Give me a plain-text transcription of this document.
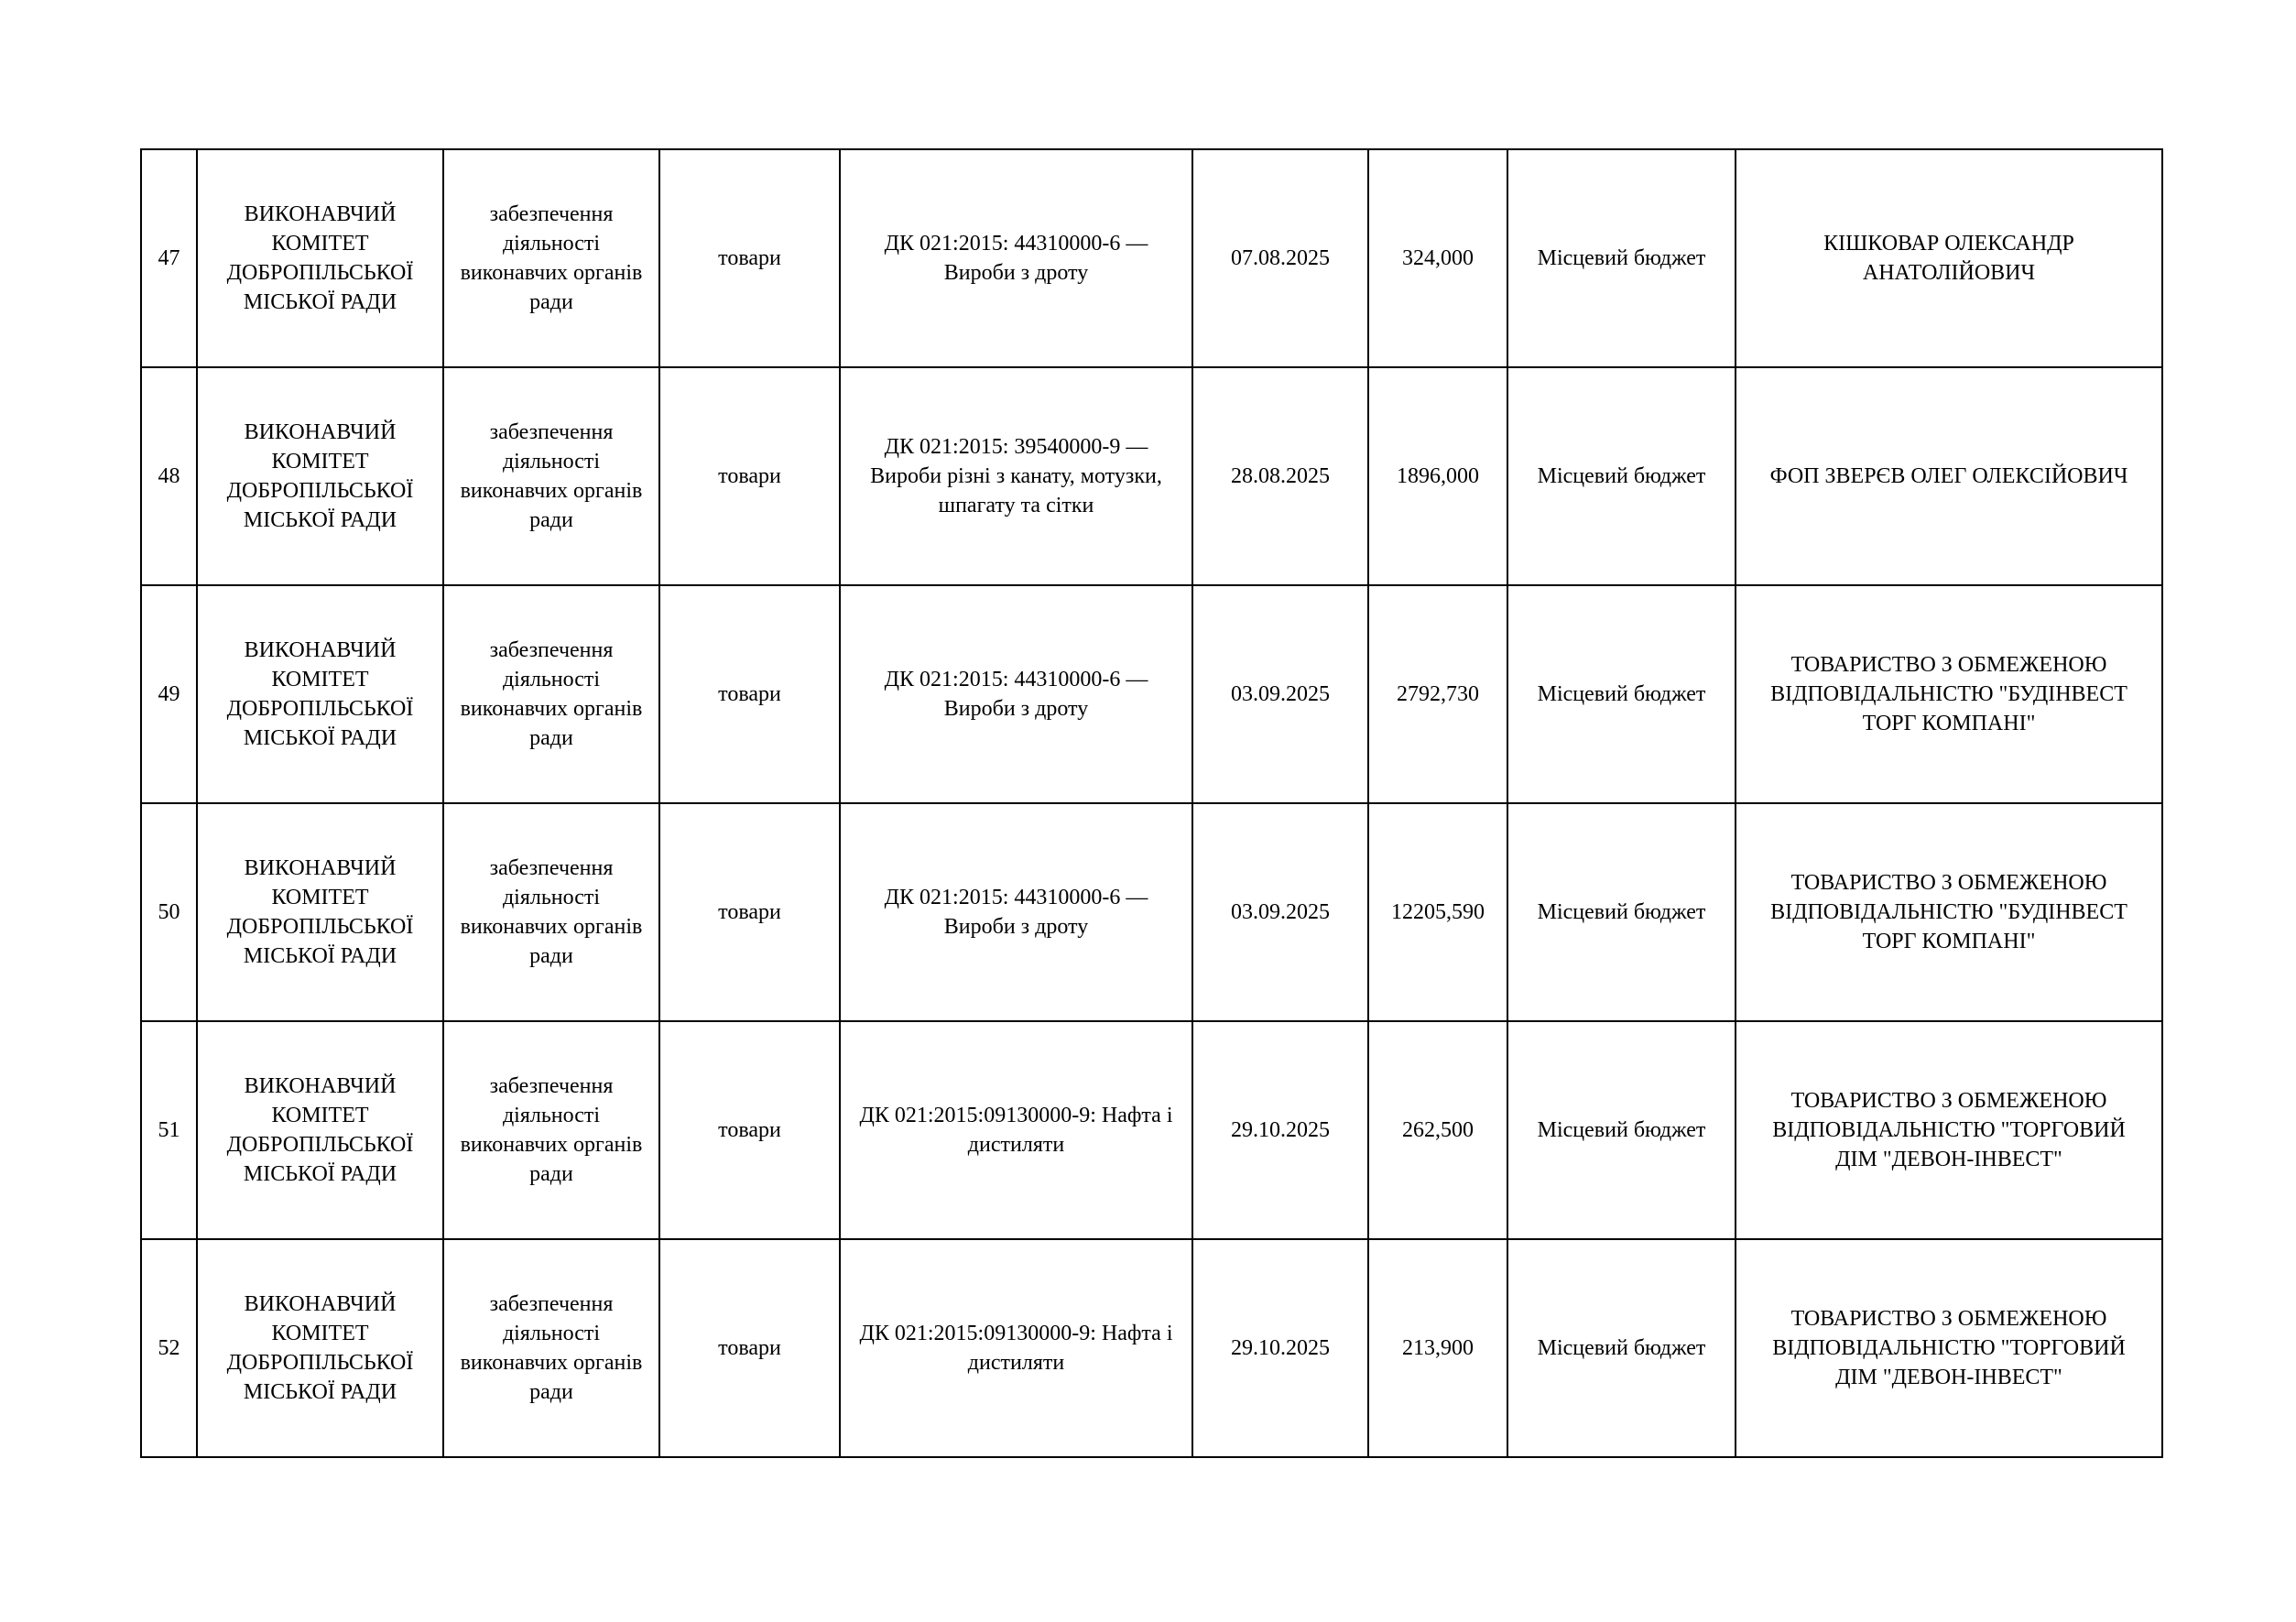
47	ВИКОНАВЧИЙ
КОМІТЕТ
ДОБРОПІЛЬСЬКОЇ
МІСЬКОЇ РАДИ	забезпечення
діяльності
виконавчих органів
ради	товари	ДК 021:2015: 44310000-6 —
Вироби з дроту	07.08.2025	324,000	Місцевий бюджет	КІШКОВАР ОЛЕКСАНДР
АНАТОЛІЙОВИЧ
48	ВИКОНАВЧИЙ
КОМІТЕТ
ДОБРОПІЛЬСЬКОЇ
МІСЬКОЇ РАДИ	забезпечення
діяльності
виконавчих органів
ради	товари	ДК 021:2015: 39540000-9 —
Вироби різні з канату, мотузки,
шпагату та сітки	28.08.2025	1896,000	Місцевий бюджет	ФОП ЗВЕРЄВ ОЛЕГ ОЛЕКСІЙОВИЧ
49	ВИКОНАВЧИЙ
КОМІТЕТ
ДОБРОПІЛЬСЬКОЇ
МІСЬКОЇ РАДИ	забезпечення
діяльності
виконавчих органів
ради	товари	ДК 021:2015: 44310000-6 —
Вироби з дроту	03.09.2025	2792,730	Місцевий бюджет	ТОВАРИСТВО З ОБМЕЖЕНОЮ
ВІДПОВІДАЛЬНІСТЮ "БУДІНВЕСТ
ТОРГ КОМПАНІ"
50	ВИКОНАВЧИЙ
КОМІТЕТ
ДОБРОПІЛЬСЬКОЇ
МІСЬКОЇ РАДИ	забезпечення
діяльності
виконавчих органів
ради	товари	ДК 021:2015: 44310000-6 —
Вироби з дроту	03.09.2025	12205,590	Місцевий бюджет	ТОВАРИСТВО З ОБМЕЖЕНОЮ
ВІДПОВІДАЛЬНІСТЮ "БУДІНВЕСТ
ТОРГ КОМПАНІ"
51	ВИКОНАВЧИЙ
КОМІТЕТ
ДОБРОПІЛЬСЬКОЇ
МІСЬКОЇ РАДИ	забезпечення
діяльності
виконавчих органів
ради	товари	ДК 021:2015:09130000-9: Нафта і
дистиляти	29.10.2025	262,500	Місцевий бюджет	ТОВАРИСТВО З ОБМЕЖЕНОЮ
ВІДПОВІДАЛЬНІСТЮ "ТОРГОВИЙ
ДІМ "ДЕВОН-ІНВЕСТ"
52	ВИКОНАВЧИЙ
КОМІТЕТ
ДОБРОПІЛЬСЬКОЇ
МІСЬКОЇ РАДИ	забезпечення
діяльності
виконавчих органів
ради	товари	ДК 021:2015:09130000-9: Нафта і
дистиляти	29.10.2025	213,900	Місцевий бюджет	ТОВАРИСТВО З ОБМЕЖЕНОЮ
ВІДПОВІДАЛЬНІСТЮ "ТОРГОВИЙ
ДІМ "ДЕВОН-ІНВЕСТ"
